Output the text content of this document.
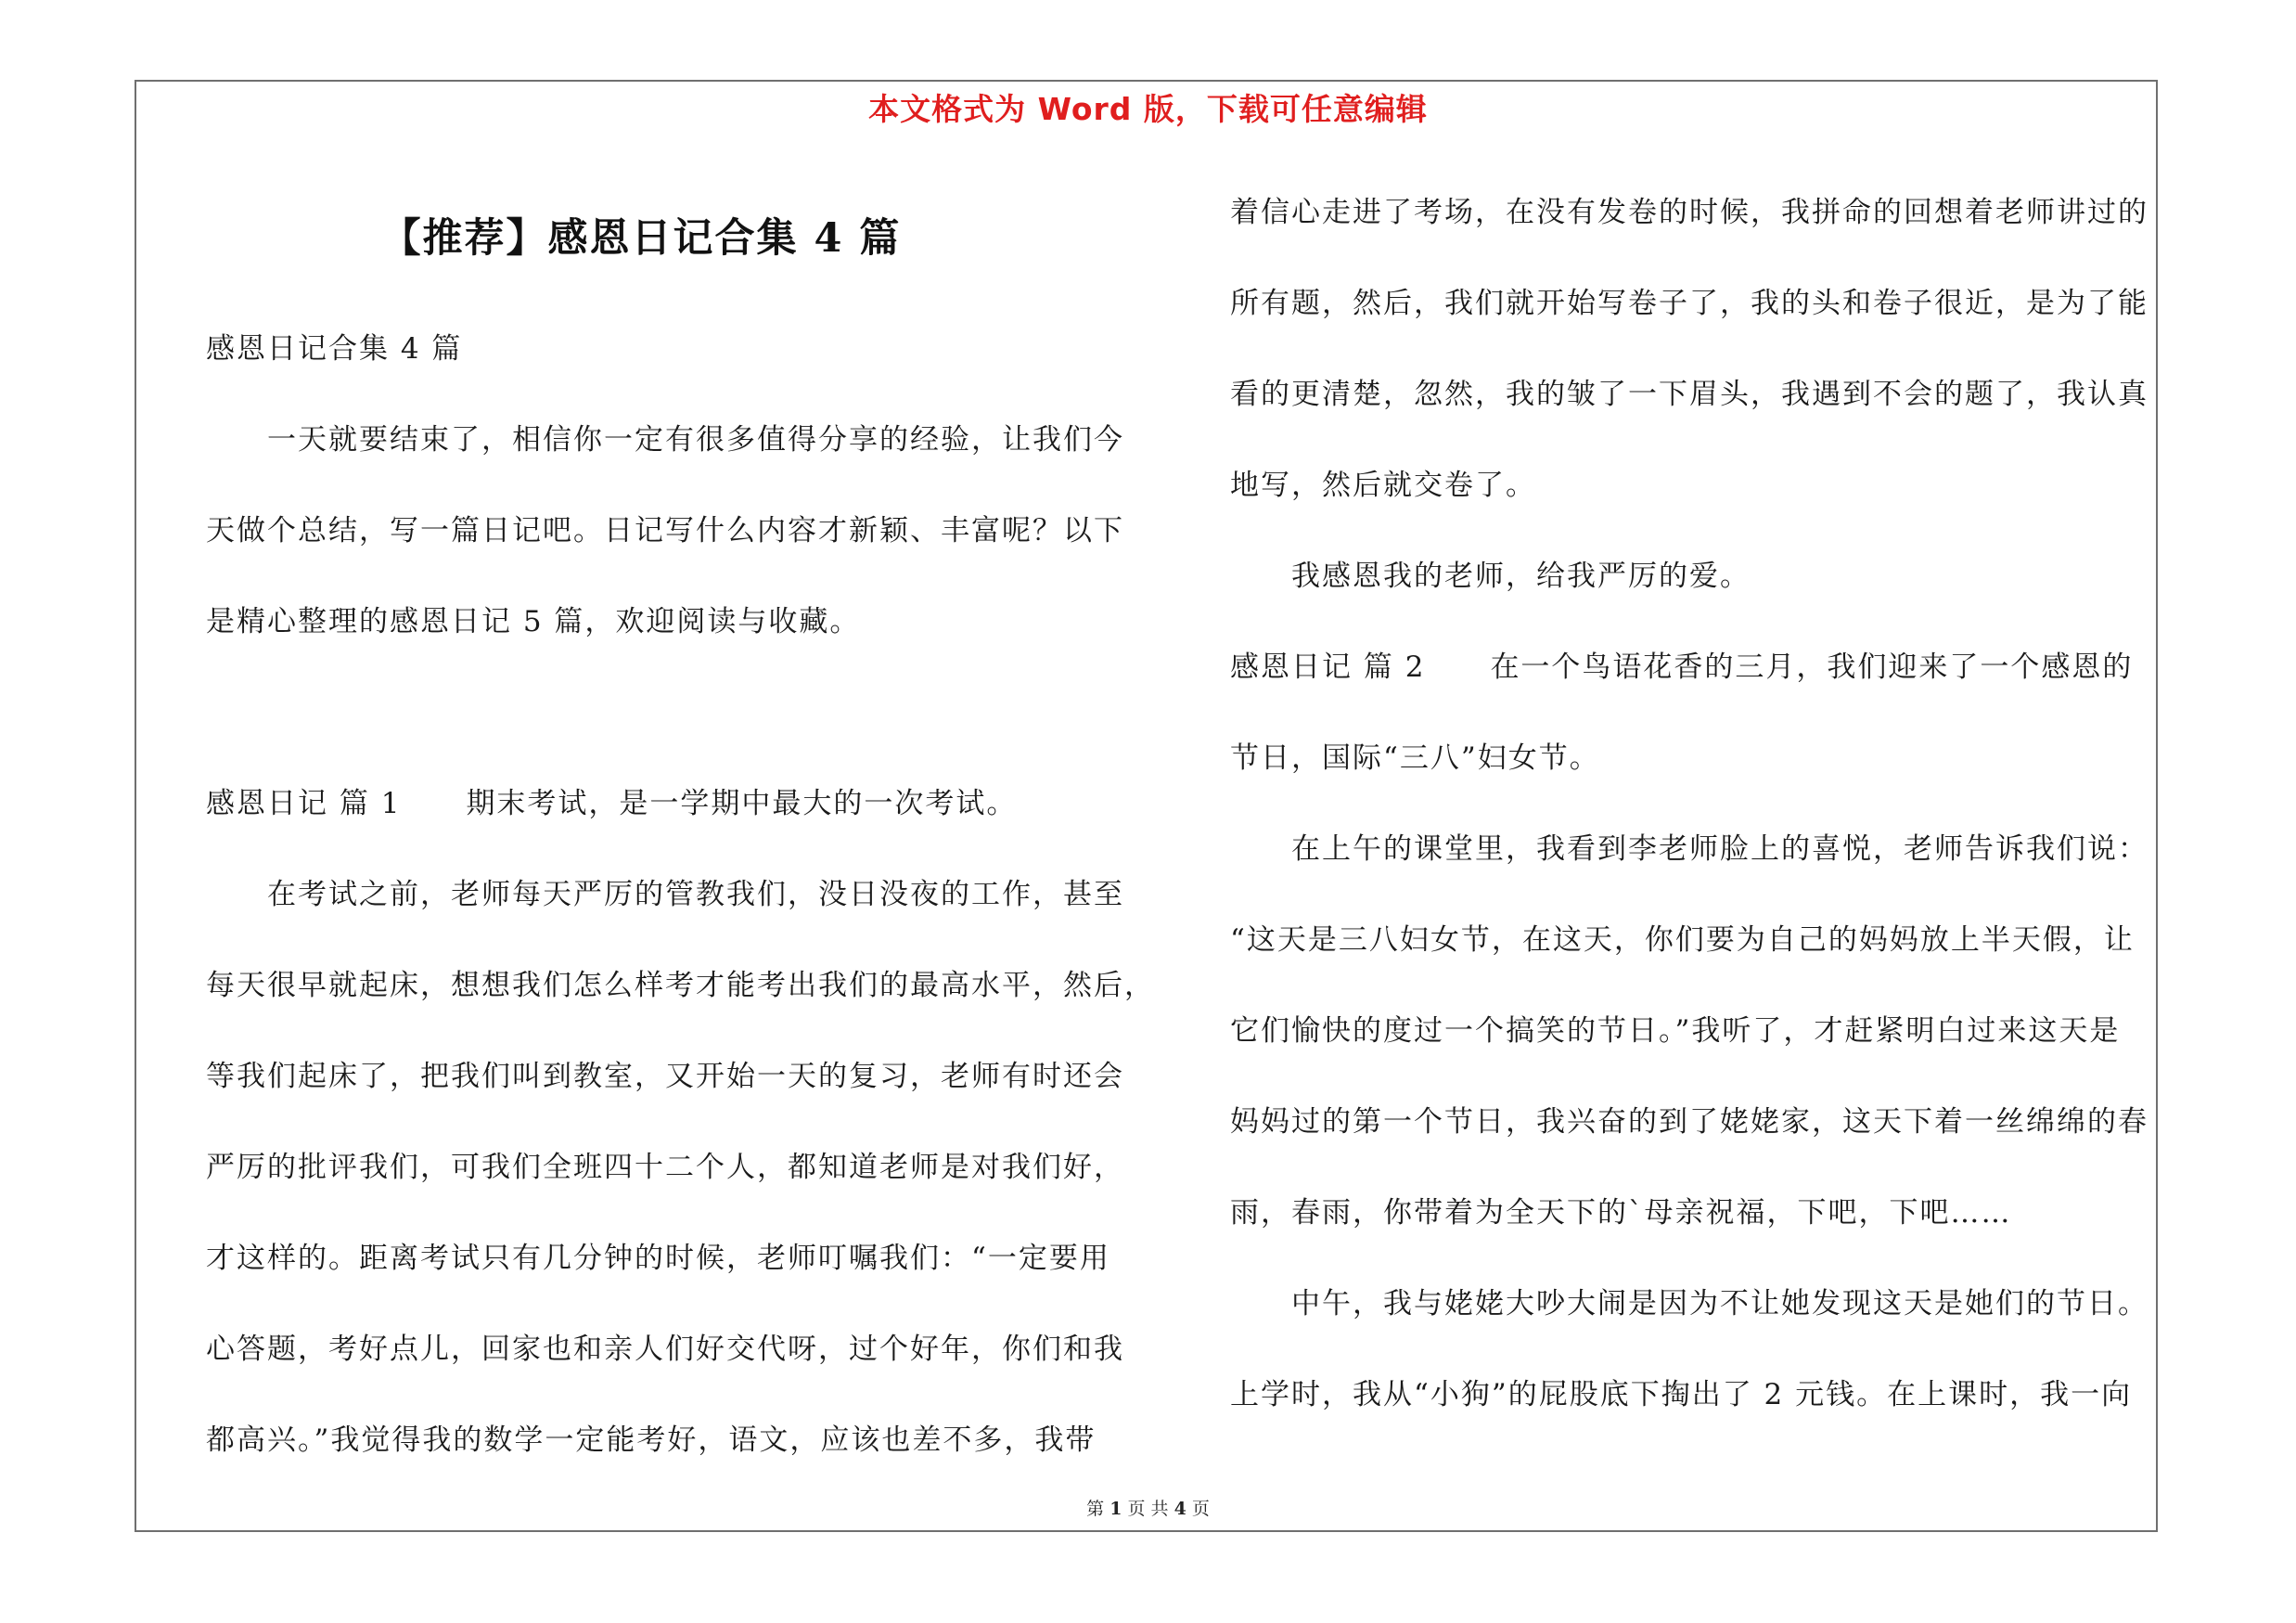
本文格式为 Word 版，下载可任意编辑
【推荐】感恩日记合集 4 篇
感恩日记合集 4 篇
一天就要结束了，相信你一定有很多值得分享的经验，让我们今
天做个总结，写一篇日记吧。日记写什么内容才新颖、丰富呢？以下
是精心整理的感恩日记 5 篇，欢迎阅读与收藏。
感恩日记 篇 1 期末考试，是一学期中最大的一次考试。
在考试之前，老师每天严厉的管教我们，没日没夜的工作，甚至
每天很早就起床，想想我们怎么样考才能考出我们的最高水平，然后，
等我们起床了，把我们叫到教室，又开始一天的复习，老师有时还会
严厉的批评我们，可我们全班四十二个人，都知道老师是对我们好，
才这样的。距离考试只有几分钟的时候，老师叮嘱我们：“一定要用
心答题，考好点儿，回家也和亲人们好交代呀，过个好年，你们和我
都高兴。”我觉得我的数学一定能考好，语文，应该也差不多，我带
着信心走进了考场，在没有发卷的时候，我拼命的回想着老师讲过的
所有题，然后，我们就开始写卷子了，我的头和卷子很近，是为了能
看的更清楚，忽然，我的皱了一下眉头，我遇到不会的题了，我认真
地写，然后就交卷了。
我感恩我的老师，给我严厉的爱。
感恩日记 篇 2 在一个鸟语花香的三月，我们迎来了一个感恩的
节日，国际“三八”妇女节。
在上午的课堂里，我看到李老师脸上的喜悦，老师告诉我们说：
“这天是三八妇女节，在这天，你们要为自己的妈妈放上半天假，让
它们愉快的度过一个搞笑的节日。”我听了，才赶紧明白过来这天是
妈妈过的第一个节日，我兴奋的到了姥姥家，这天下着一丝绵绵的春
雨，春雨，你带着为全天下的`母亲祝福，下吧，下吧……
中午，我与姥姥大吵大闹是因为不让她发现这天是她们的节日。
上学时，我从“小狗”的屁股底下掏出了 2 元钱。在上课时，我一向
第 1 页 共 4 页
